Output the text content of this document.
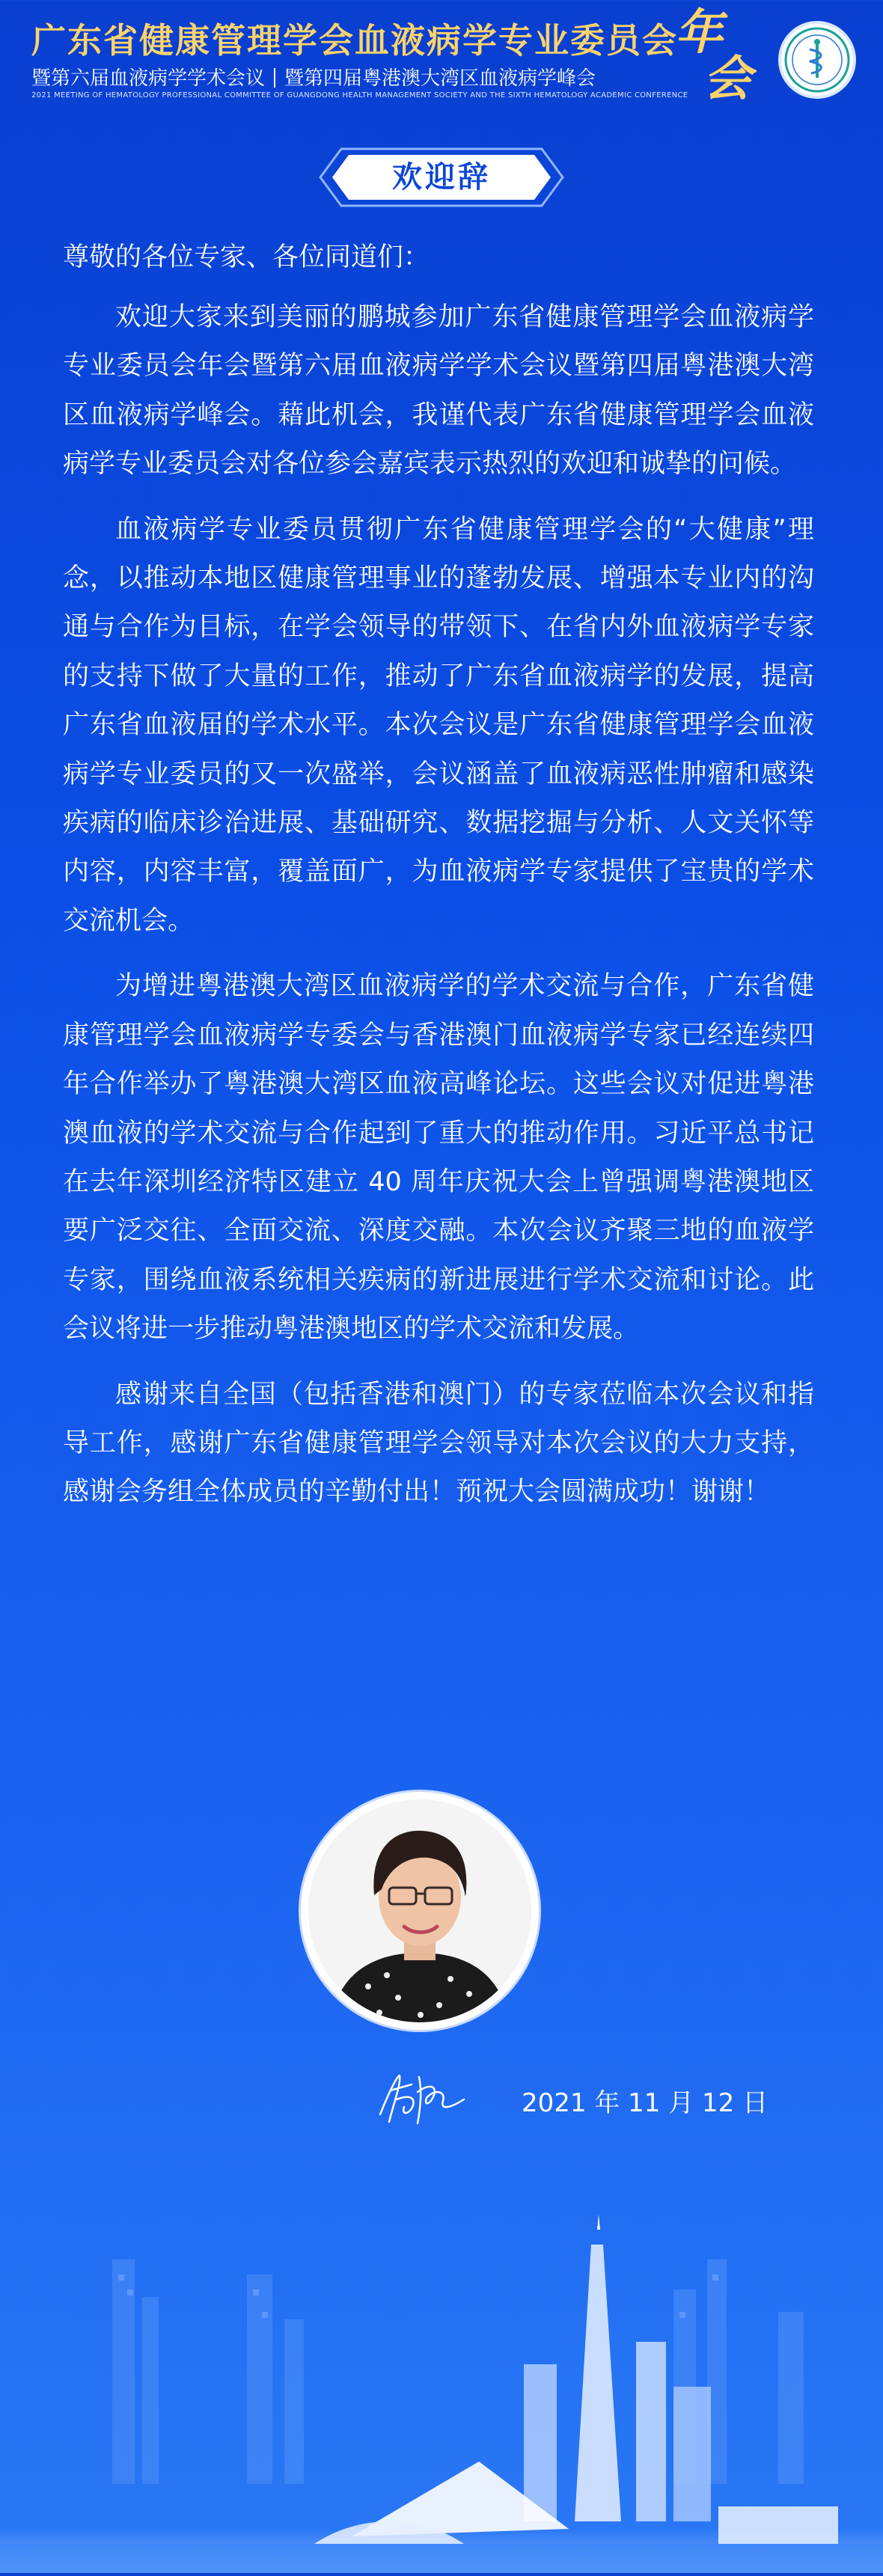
广东省健康管理学会血液病学专业委员会
暨第六届血液病学学术会议 暨第四届粤港澳大湾区血液病学峰会
2021 MEETING OF HEMATOLOGY PROFESSIONAL COMMITTEE OF GUANGDONG HEALTH MANAGEMENT SOCIETY AND THE SIXTH HEMATOLOGY ACADEMIC CONFERENCE
年
会
欢迎辞
尊敬的各位专家、各位同道们：

欢迎大家来到美丽的鹏城参加广东省健康管理学会血液病学专业委员会年会暨第六届血液病学学术会议暨第四届粤港澳大湾区血液病学峰会。藉此机会，我谨代表广东省健康管理学会血液病学专业委员会对各位参会嘉宾表示热烈的欢迎和诚挚的问候。

血液病学专业委员贯彻广东省健康管理学会的“大健康”理念，以推动本地区健康管理事业的蓬勃发展、增强本专业内的沟通与合作为目标，在学会领导的带领下、在省内外血液病学专家的支持下做了大量的工作，推动了广东省血液病学的发展，提高广东省血液届的学术水平。本次会议是广东省健康管理学会血液病学专业委员的又一次盛举，会议涵盖了血液病恶性肿瘤和感染疾病的临床诊治进展、基础研究、数据挖掘与分析、人文关怀等内容，内容丰富，覆盖面广，为血液病学专家提供了宝贵的学术交流机会。

为增进粤港澳大湾区血液病学的学术交流与合作，广东省健康管理学会血液病学专委会与香港澳门血液病学专家已经连续四年合作举办了粤港澳大湾区血液高峰论坛。这些会议对促进粤港澳血液的学术交流与合作起到了重大的推动作用。习近平总书记在去年深圳经济特区建立 40 周年庆祝大会上曾强调粤港澳地区要广泛交往、全面交流、深度交融。本次会议齐聚三地的血液学专家，围绕血液系统相关疾病的新进展进行学术交流和讨论。此会议将进一步推动粤港澳地区的学术交流和发展。

感谢来自全国（包括香港和澳门）的专家莅临本次会议和指导工作，感谢广东省健康管理学会领导对本次会议的大力支持，感谢会务组全体成员的辛勤付出！预祝大会圆满成功！谢谢！

2021 年 11 月 12 日
